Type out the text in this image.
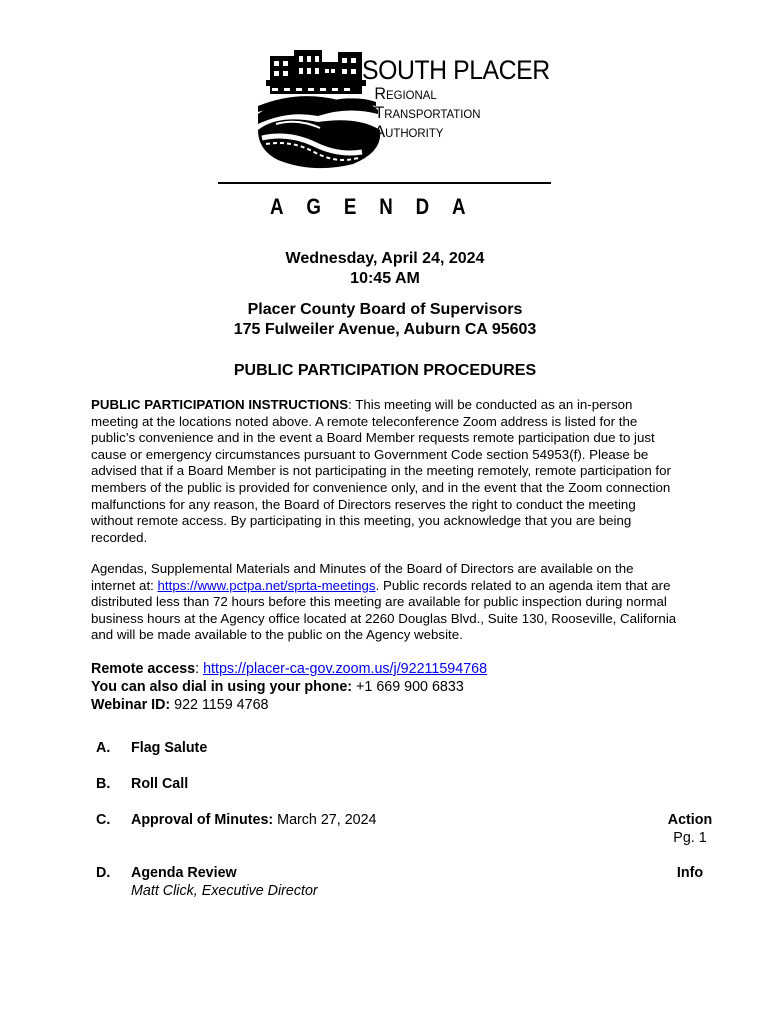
SOUTH PLACER
Regional
Transportation
Authority
A G E N D A
Wednesday, April 24, 2024
10:45 AM
Placer County Board of Supervisors
175 Fulweiler Avenue, Auburn CA 95603
PUBLIC PARTICIPATION PROCEDURES
PUBLIC PARTICIPATION INSTRUCTIONS: This meeting will be conducted as an in-person meeting at the locations noted above. A remote teleconference Zoom address is listed for the public’s convenience and in the event a Board Member requests remote participation due to just cause or emergency circumstances pursuant to Government Code section 54953(f). Please be advised that if a Board Member is not participating in the meeting remotely, remote participation for members of the public is provided for convenience only, and in the event that the Zoom connection malfunctions for any reason, the Board of Directors reserves the right to conduct the meeting without remote access. By participating in this meeting, you acknowledge that you are being recorded.
Agendas, Supplemental Materials and Minutes of the Board of Directors are available on the internet at: https://www.pctpa.net/sprta-meetings. Public records related to an agenda item that are distributed less than 72 hours before this meeting are available for public inspection during normal business hours at the Agency office located at 2260 Douglas Blvd., Suite 130, Rooseville, California and will be made available to the public on the Agency website.
Remote access: https://placer-ca-gov.zoom.us/j/92211594768
You can also dial in using your phone: +1 669 900 6833
Webinar ID: 922 1159 4768
A. Flag Salute
B. Roll Call
C. Approval of Minutes: March 27, 2024	Action
Pg. 1
D. Agenda Review
Matt Click, Executive Director
Info
